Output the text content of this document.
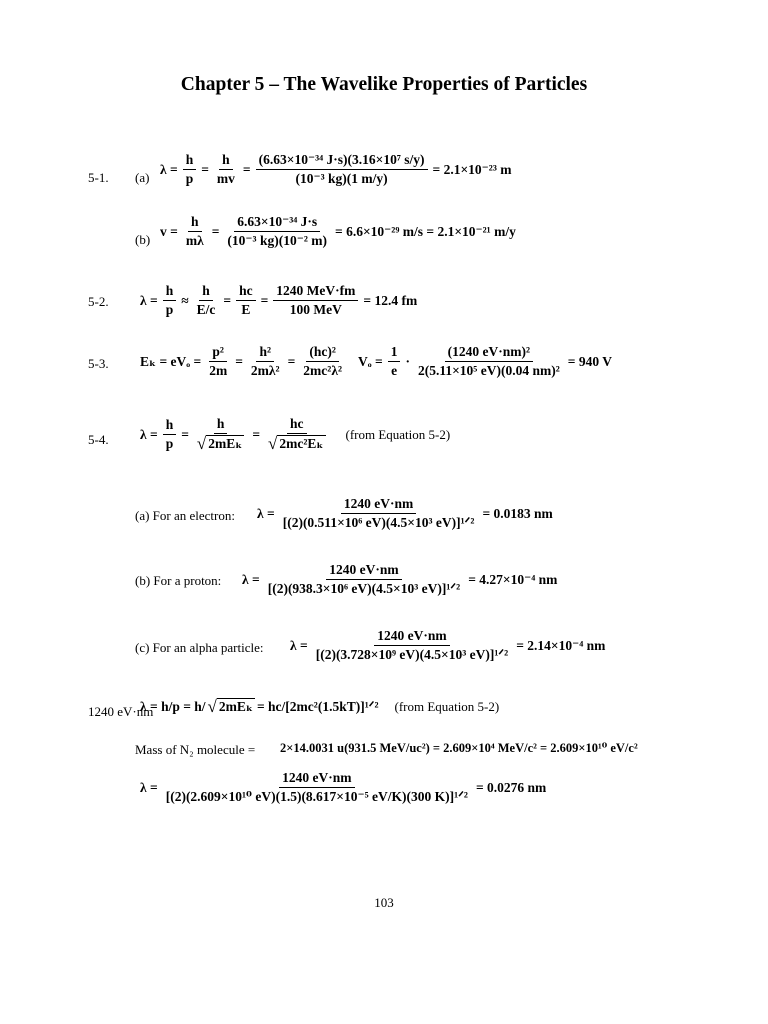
Chapter 5 – The Wavelike Properties of Particles
5-1. (a)
$\lambda = \frac{h}{p} = \frac{h}{mv} = \frac{\text{(6.63×10⁻³⁴ J·s)(3.16×10⁷ s/y)}}{\text{(10⁻³ kg)(1 m/y)}} = 2.1\times 10^{-23}$ m
(b)
$v = \frac{h}{m\lambda} = \frac{\text{6.63×10⁻³⁴ J·s}}{\text{(10⁻³ kg)(10⁻² m)}} = 6.6\times 10^{-29}$ m/s = 2.1×10⁻²¹ m/y
5-2. $\lambda = \frac{h}{p} \approx \frac{h}{E/c} = \frac{hc}{E} = \frac{\text{1240 MeV·fm}}{\text{100 MeV}} = 12.4$ fm
5-3. $E_k = eV_o = \frac{\text{p²}}{2m} = \frac{\text{h²}}{\text{2mλ²}} = \frac{\text{(hc)²}}{\text{2mc²λ²}}$ $V_o = \frac{1}{e} \cdot \frac{\text{(1240 eV·nm)²}}{\text{2(5.11×10⁵ eV)(0.04 nm)²}} = 940$ V
5-4. $\lambda = \frac{h}{p} = \frac{h}{\text{√ 2mEₖ}} = \frac{hc}{\text{√ 2mc²Eₖ}}$ (from Equation 5-2)
(a) For an electron: $\lambda = \frac{1240 eV\cdot nm}{\text{[(2)(0.511×10⁶ eV)(4.5×10³ eV)]¹ᐟ²}} = 0.0183$ nm
(b) For a proton: $\lambda = \frac{1240 eV\cdot nm}{\text{[(2)(938.3×10⁶ eV)(4.5×10³ eV)]¹ᐟ²}} = 4.27\times 10^{-4}$ nm
(c) For an alpha particle: $\lambda = \frac{1240 eV\cdot nm}{\text{[(2)(3.728×10⁹ eV)(4.5×10³ eV)]¹ᐟ²}} = 2.14\times 10^{-4}$ nm
1240 eV·nm
λ = h/p = h/ √ 2mEₖ = hc/[2mc²(1.5kT)]¹ᐟ² (from Equation 5-2)
Mass of N₂ molecule = 2×14.0031 u(931.5 MeV/uc²) = 2.609×10⁴ MeV/c² = 2.609×10¹⁰ eV/c²
$\lambda = \frac{1240 eV\cdot nm}{\text{[(2)(2.609×10¹⁰ eV)(1.5)(8.617×10⁻⁵ eV/K)(300 K)]¹ᐟ²}} = 0.0276$ nm
103
